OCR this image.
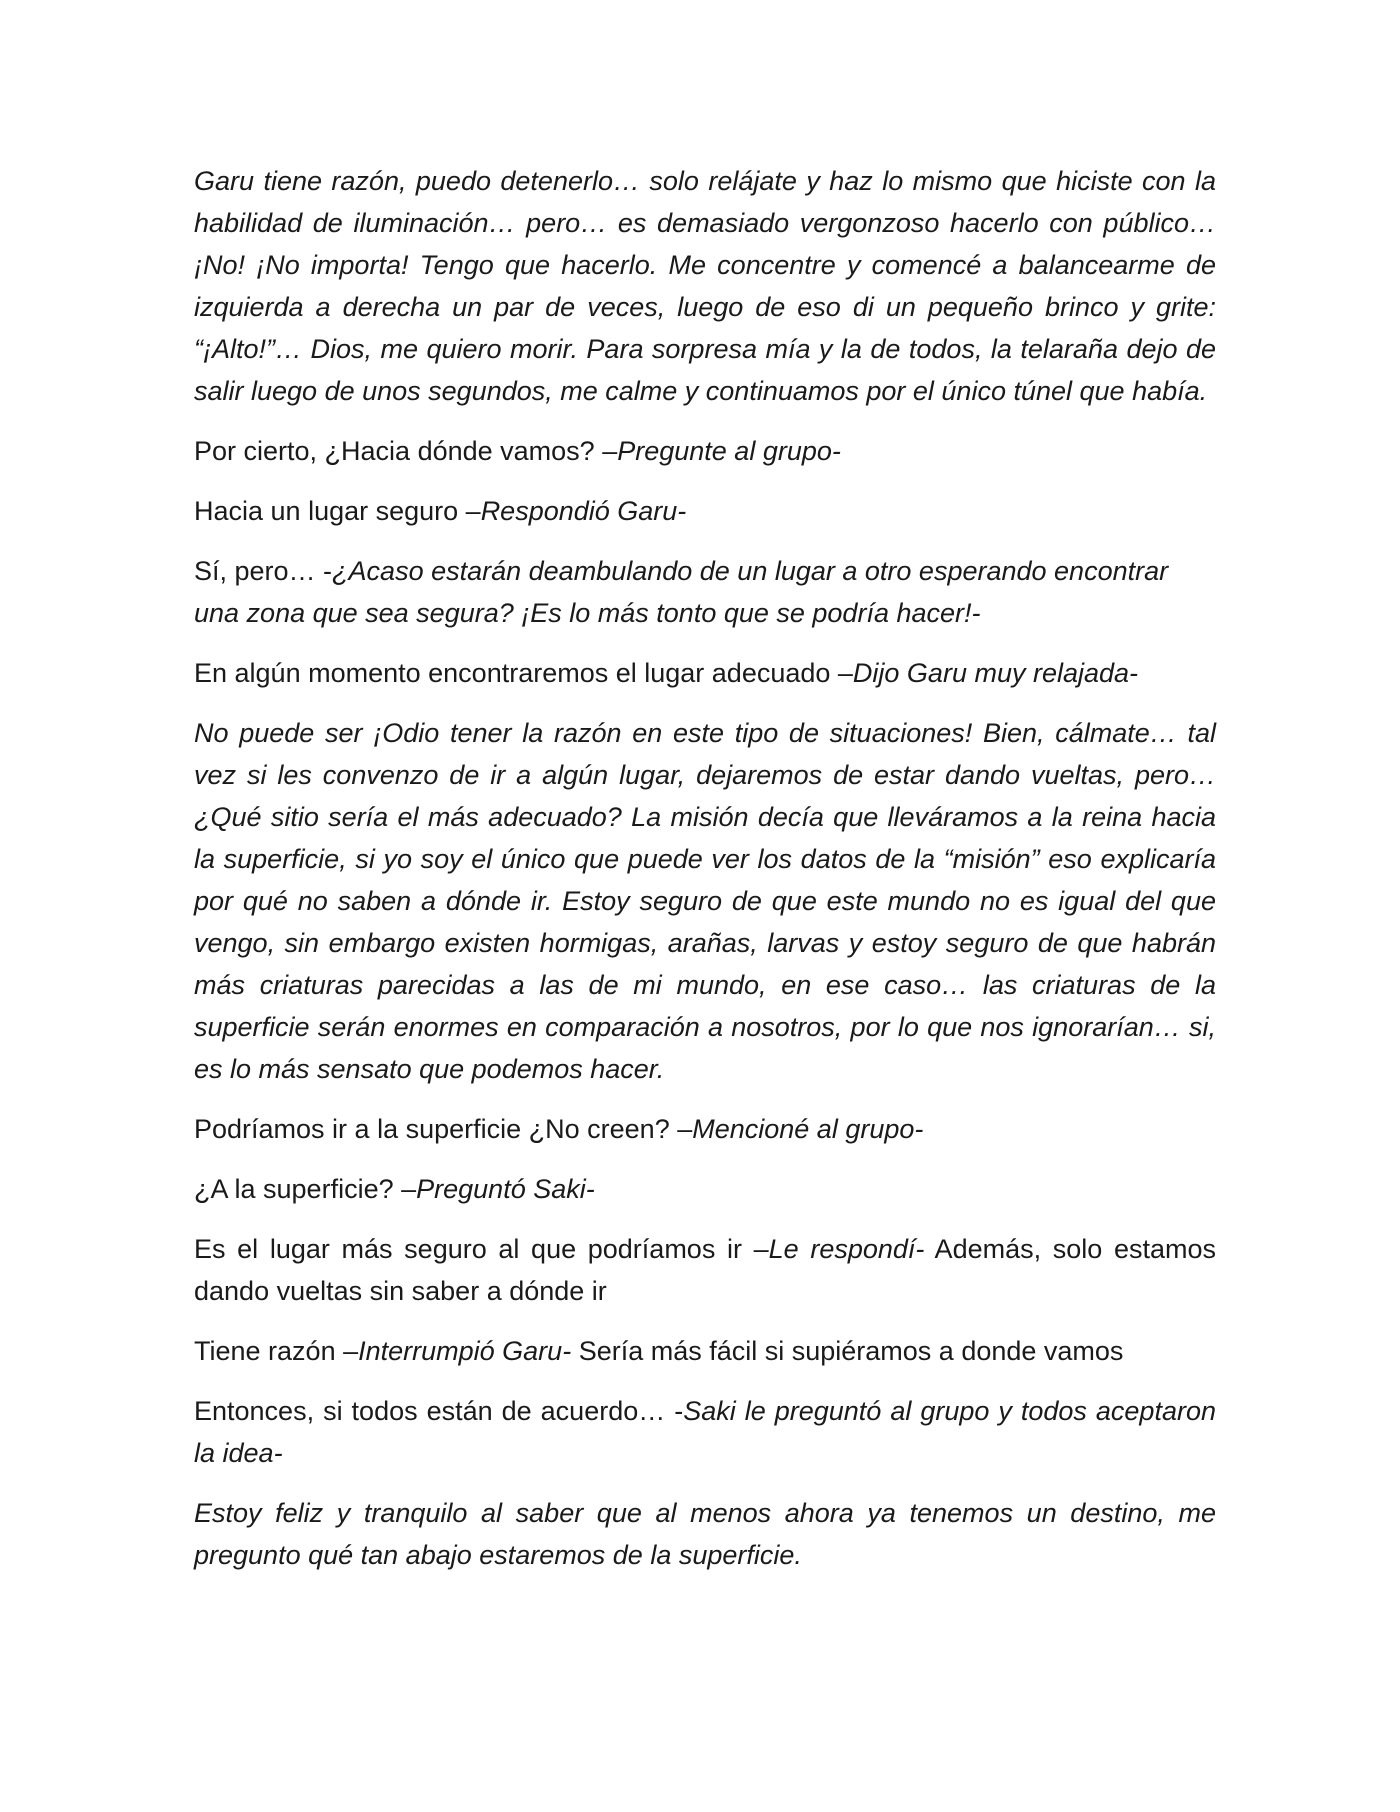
Garu tiene razón, puedo detenerlo… solo relájate y haz lo mismo que hiciste con la habilidad de iluminación… pero… es demasiado vergonzoso hacerlo con público… ¡No! ¡No importa! Tengo que hacerlo. Me concentre y comencé a balancearme de izquierda a derecha un par de veces, luego de eso di un pequeño brinco y grite: “¡Alto!”… Dios, me quiero morir. Para sorpresa mía y la de todos, la telaraña dejo de salir luego de unos segundos, me calme y continuamos por el único túnel que había.

Por cierto, ¿Hacia dónde vamos? –Pregunte al grupo-

Hacia un lugar seguro –Respondió Garu-

Sí, pero… -¿Acaso estarán deambulando de un lugar a otro esperando encontrar una zona que sea segura? ¡Es lo más tonto que se podría hacer!-

En algún momento encontraremos el lugar adecuado –Dijo Garu muy relajada-

No puede ser ¡Odio tener la razón en este tipo de situaciones! Bien, cálmate… tal vez si les convenzo de ir a algún lugar, dejaremos de estar dando vueltas, pero… ¿Qué sitio sería el más adecuado? La misión decía que lleváramos a la reina hacia la superficie, si yo soy el único que puede ver los datos de la “misión” eso explicaría por qué no saben a dónde ir. Estoy seguro de que este mundo no es igual del que vengo, sin embargo existen hormigas, arañas, larvas y estoy seguro de que habrán más criaturas parecidas a las de mi mundo, en ese caso… las criaturas de la superficie serán enormes en comparación a nosotros, por lo que nos ignorarían… si, es lo más sensato que podemos hacer.

Podríamos ir a la superficie ¿No creen? –Mencioné al grupo-

¿A la superficie? –Preguntó Saki-

Es el lugar más seguro al que podríamos ir –Le respondí- Además, solo estamos dando vueltas sin saber a dónde ir

Tiene razón –Interrumpió Garu- Sería más fácil si supiéramos a donde vamos

Entonces, si todos están de acuerdo… -Saki le preguntó al grupo y todos aceptaron la idea-

Estoy feliz y tranquilo al saber que al menos ahora ya tenemos un destino, me pregunto qué tan abajo estaremos de la superficie.
